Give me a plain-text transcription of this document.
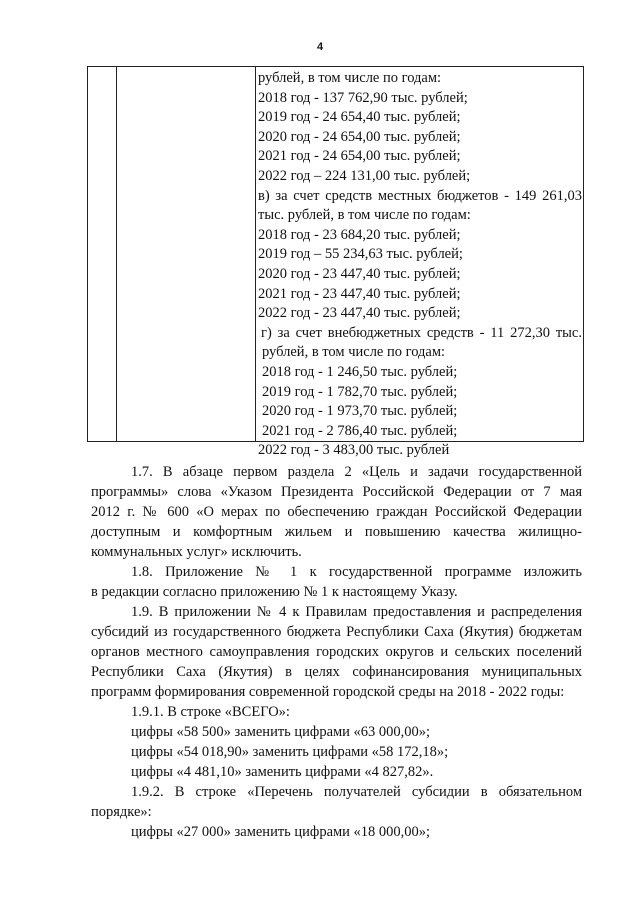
4
рублей, в том числе по годам:
2018 год - 137 762,90 тыс. рублей;
2019 год - 24 654,40 тыс. рублей;
2020 год - 24 654,00 тыс. рублей;
2021 год - 24 654,00 тыс. рублей;
2022 год – 224 131,00 тыс. рублей;
в) за счет средств местных бюджетов - 149 261,03
тыс. рублей, в том числе по годам:
2018 год - 23 684,20 тыс. рублей;
2019 год – 55 234,63 тыс. рублей;
2020 год - 23 447,40 тыс. рублей;
2021 год - 23 447,40 тыс. рублей;
2022 год - 23 447,40 тыс. рублей;
г) за счет внебюджетных средств - 11 272,30 тыс.
рублей, в том числе по годам:
2018 год - 1 246,50 тыс. рублей;
2019 год - 1 782,70 тыс. рублей;
2020 год - 1 973,70 тыс. рублей;
2021 год - 2 786,40 тыс. рублей;
2022 год - 3 483,00 тыс. рублей

1.7. В абзаце первом раздела 2 «Цель и задачи государственной

программы» слова «Указом Президента Российской Федерации от 7 мая

2012 г. № 600 «О мерах по обеспечению граждан Российской Федерации

доступным и комфортным жильем и повышению качества жилищно-

коммунальных услуг» исключить.

1.8. Приложение № 1 к государственной программе изложить

в редакции согласно приложению № 1 к настоящему Указу.

1.9. В приложении № 4 к Правилам предоставления и распределения

субсидий из государственного бюджета Республики Саха (Якутия) бюджетам

органов местного самоуправления городских округов и сельских поселений

Республики Саха (Якутия) в целях софинансирования муниципальных

программ формирования современной городской среды на 2018 - 2022 годы:

1.9.1. В строке «ВСЕГО»:

цифры «58 500» заменить цифрами «63 000,00»;

цифры «54 018,90» заменить цифрами «58 172,18»;

цифры «4 481,10» заменить цифрами «4 827,82».

1.9.2. В строке «Перечень получателей субсидии в обязательном

порядке»:

цифры «27 000» заменить цифрами «18 000,00»;
